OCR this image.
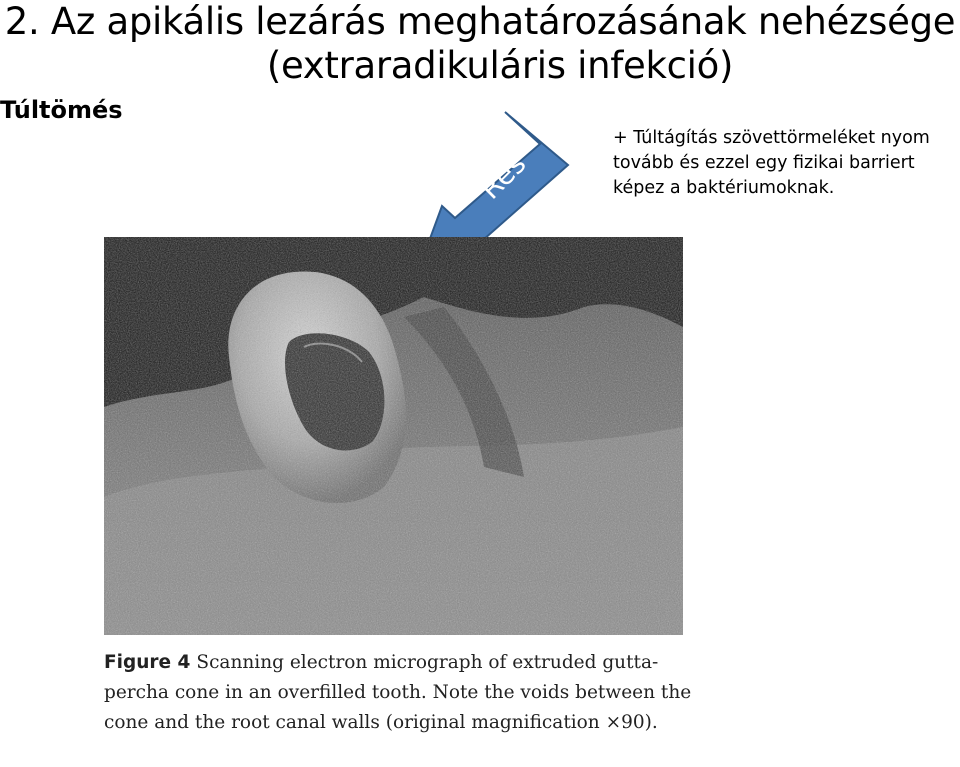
2. Az apikális lezárás meghatározásának nehézsége
(extraradikuláris infekció)
Túltömés
+ Túltágítás szövettörmeléket nyom tovább és ezzel egy fizikai barriert képez a baktériumoknak.
Rés
Figure 4 Scanning electron micrograph of extruded gutta-percha cone in an overfilled tooth. Note the voids between the cone and the root canal walls (original magnification ×90).
